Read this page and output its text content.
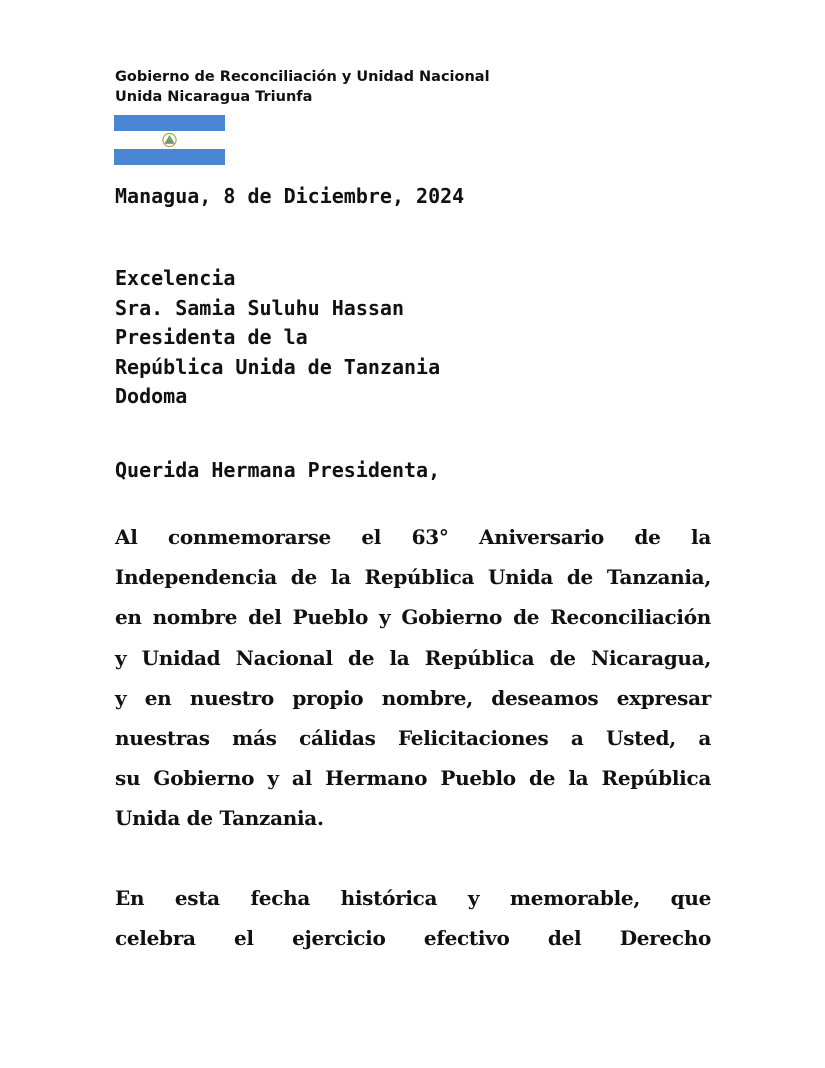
Gobierno de Reconciliación y Unidad Nacional
Unida Nicaragua Triunfa
Managua, 8 de Diciembre, 2024
Excelencia
Sra. Samia Suluhu Hassan
Presidenta de la
República Unida de Tanzania
Dodoma
Querida Hermana Presidenta,
Al conmemorarse el 63° Aniversario de la
Independencia de la República Unida de Tanzania,
en nombre del Pueblo y Gobierno de Reconciliación
y Unidad Nacional de la República de Nicaragua,
y en nuestro propio nombre, deseamos expresar
nuestras más cálidas Felicitaciones a Usted, a
su Gobierno y al Hermano Pueblo de la República
Unida de Tanzania.
En esta fecha histórica y memorable, que
celebra el ejercicio efectivo del Derecho
